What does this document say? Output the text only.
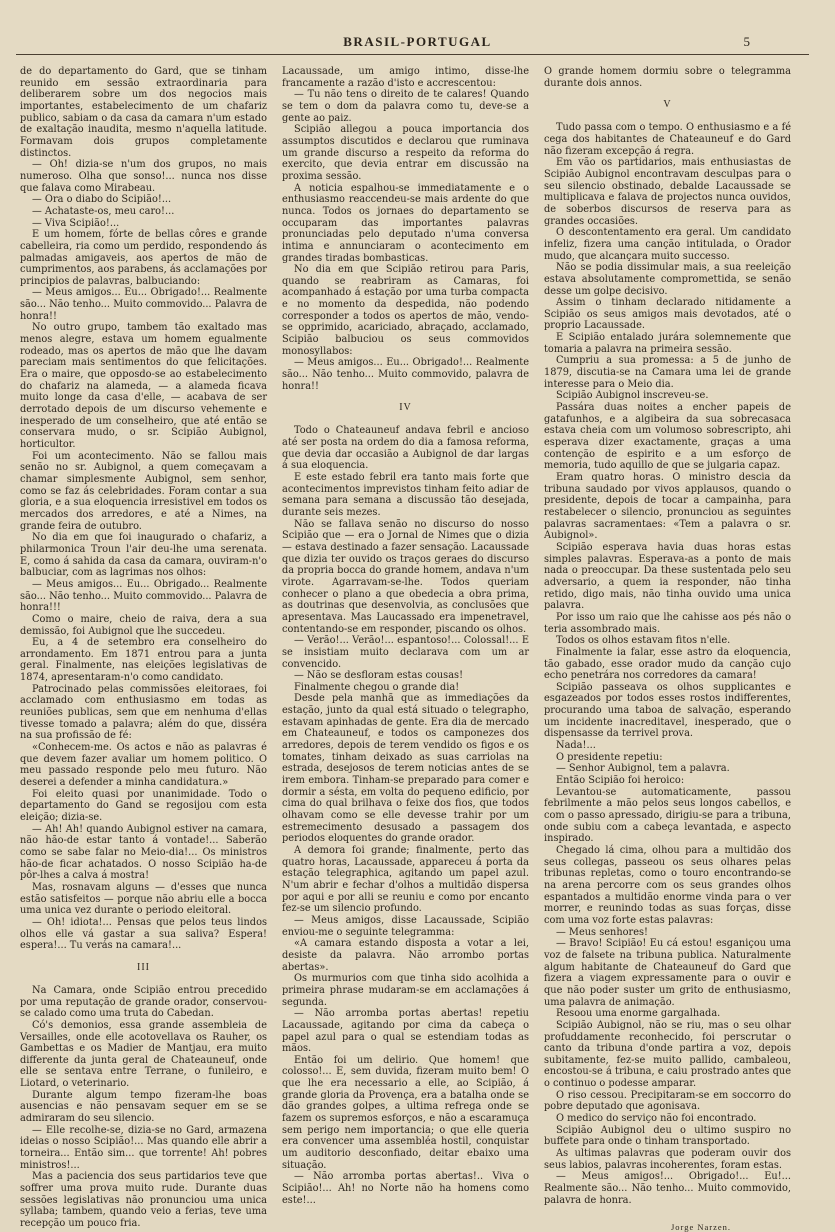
BRASIL-PORTUGAL	5

de do departamento do Gard, que se tinham reunido em sessão extraordinaria para deliberarem sobre um dos negocios mais importantes, estabelecimento de um chafariz publico, sabiam o da casa da camara n'um estado de exaltação inaudita, mesmo n'aquella latitude. Formavam dois grupos completamente distinctos.

— Oh! dizia-se n'um dos grupos, no mais numeroso. Olha que sonso!... nunca nos disse que falava como Mirabeau.

— Ora o diabo do Scipião!...

— Achataste-os, meu caro!...

— Viva Scipião!...

E um homem, fórte de bellas côres e grande cabelleira, ria como um perdido, respondendo ás palmadas amigaveis, aos apertos de mão de cumprimentos, aos parabens, ás acclamações por principios de palavras, balbuciando:

— Meus amigos... Eu... Obrigado!... Realmente são... Não tenho... Muito commovido... Palavra de honra!!

No outro grupo, tambem tão exaltado mas menos alegre, estava um homem egualmente rodeado, mas os apertos de mão que lhe davam pareciam mais sentimentos do que felicitações. Era o maire, que opposdo-se ao estabelecimento do chafariz na alameda, — a alameda ficava muito longe da casa d'elle, — acabava de ser derrotado depois de um discurso vehemente e inesperado de um conselheiro, que até então se conservara mudo, o sr. Scipião Aubignol, horticultor.

Foi um acontecimento. Não se fallou mais senão no sr. Aubignol, a quem começavam a chamar simplesmente Aubignol, sem senhor, como se faz ás celebridades. Foram contar a sua gloria, e a sua eloquencia irresistivel em todos os mercados dos arredores, e até a Nimes, na grande feira de outubro.

No dia em que foi inaugurado o chafariz, a philarmonica Troun l'air deu-lhe uma serenata. E, como á sahida da casa da camara, ouviram-n'o balbuciar, com as lagrimas nos olhos:

— Meus amigos... Eu... Obrigado... Realmente são... Não tenho... Muito commovido... Palavra de honra!!!

Como o maire, cheio de raiva, dera a sua demissão, foi Aubignol que lhe succedeu.

Eu, a 4 de setembro era conselheiro do arrondamento. Em 1871 entrou para a junta geral. Finalmente, nas eleições legislativas de 1874, apresentaram-n'o como candidato.

Patrocinado pelas commissões eleitoraes, foi acclamado com enthusiasmo em todas as reuniões publicas, sem que em nenhuma d'ellas tivesse tomado a palavra; além do que, disséra na sua profissão de fé:

«Conhecem-me. Os actos e não as palavras é que devem fazer avaliar um homem politico. O meu passado responde pelo meu futuro. Não deserei a defender a minha candidatura.»

Foi eleito quasi por unanimidade. Todo o departamento do Gand se regosijou com esta eleição; dizia-se.

— Ah! Ah! quando Aubignol estiver na camara, não hão-de estar tanto á vontade!... Saberão como se sabe falar no Meio-dia!... Os ministros hão-de ficar achatados. O nosso Scipião ha-de pôr-lhes a calva á mostra!

Mas, rosnavam alguns — d'esses que nunca estão satisfeitos — porque não abriu elle a bocca uma unica vez durante o periodo eleitoral.

— Oh! idiota!... Pensas que pelos teus lindos olhos elle vá gastar a sua saliva? Espera! espera!... Tu verás na camara!...

III

Na Camara, onde Scipião entrou precedido por uma reputação de grande orador, conservou-se calado como uma truta do Cabedan.

Có's demonios, essa grande assembleia de Versailles, onde elle acotovellava os Rauher, os Gambettas e os Madier de Mantjau, era muito differente da junta geral de Chateauneuf, onde elle se sentava entre Terrane, o funileiro, e Liotard, o veterinario.

Durante algum tempo fizeram-lhe boas ausencias e não pensavam sequer em se se admiraram do seu silencio.

— Elle recolhe-se, dizia-se no Gard, armazena ideias o nosso Scipião!... Mas quando elle abrir a torneira... Então sim... que torrente! Ah! pobres ministros!...

Mas a paciencia dos seus partidarios teve que soffrer uma prova muito rude. Durante duas sessões legislativas não pronunciou uma unica syllaba; tambem, quando veio a ferias, teve uma recepção um pouco fria.

Lacaussade, um amigo intimo, disse-lhe francamente a razão d'isto e accrescentou:

— Tu não tens o direito de te calares! Quando se tem o dom da palavra como tu, deve-se a gente ao paiz.

Scipião allegou a pouca importancia dos assumptos discutidos e declarou que ruminava um grande discurso a respeito da reforma do exercito, que devia entrar em discussão na proxima sessão.

A noticia espalhou-se immediatamente e o enthusiasmo reaccendeu-se mais ardente do que nunca. Todos os jornaes do departamento se occuparam das importantes palavras pronunciadas pelo deputado n'uma conversa intima e annunciaram o acontecimento em grandes tiradas bombasticas.

No dia em que Scipião retirou para Paris, quando se reabriram as Camaras, foi acompanhado á estação por uma turba compacta e no momento da despedida, não podendo corresponder a todos os apertos de mão, vendo-se opprimido, acariciado, abraçado, acclamado, Scipião balbuciou os seus commovidos monosyllabos:

— Meus amigos... Eu... Obrigado!... Realmente são... Não tenho... Muito commovido, palavra de honra!!

IV

Todo o Chateauneuf andava febril e ancioso até ser posta na ordem do dia a famosa reforma, que devia dar occasião a Aubignol de dar largas á sua eloquencia.

E este estado febril era tanto mais forte que acontecimentos imprevistos tinham feito adiar de semana para semana a discussão tão desejada, durante seis mezes.

Não se fallava senão no discurso do nosso Scipião que — era o Jornal de Nimes que o dizia — estava destinado a fazer sensação. Lacaussade que dizia ter ouvido os traços geraes do discurso da propria bocca do grande homem, andava n'um virote. Agarravam-se-lhe. Todos queriam conhecer o plano a que obedecia a obra prima, as doutrinas que desenvolvia, as conclusões que apresentava. Mas Laucassado era impenetravel, contentando-se em responder, piscando os olhos.

— Verão!... Verão!... espantoso!... Colossal!... E se insistiam muito declarava com um ar convencido.

— Não se desfloram estas cousas!

Finalmente chegou o grande dia!

Desde pela manhã que as immediações da estação, junto da qual está situado o telegrapho, estavam apinhadas de gente. Era dia de mercado em Chateauneuf, e todos os camponezes dos arredores, depois de terem vendido os figos e os tomates, tinham deixado as suas carriolas na estrada, desejosos de terem noticias antes de se irem embora. Tinham-se preparado para comer e dormir a sésta, em volta do pequeno edificio, por cima do qual brilhava o feixe dos fios, que todos olhavam como se elle devesse trahir por um estremecimento desusado a passagem dos periodos eloquentes do grande orador.

A demora foi grande; finalmente, perto das quatro horas, Lacaussade, appareceu á porta da estação telegraphica, agitando um papel azul. N'um abrir e fechar d'olhos a multidão dispersa por aqui e por alli se reuniu e como por encanto fez-se um silencio profundo.

— Meus amigos, disse Lacaussade, Scipião enviou-me o seguinte telegramma:

«A camara estando disposta a votar a lei, desiste da palavra. Não arrombo portas abertas».

Os murmurios com que tinha sido acolhida a primeira phrase mudaram-se em acclamações á segunda.

— Não arromba portas abertas! repetiu Lacaussade, agitando por cima da cabeça o papel azul para o qual se estendiam todas as mãos.

Então foi um delirio. Que homem! que colosso!... E, sem duvida, fizeram muito bem! O que lhe era necessario a elle, ao Scipião, á grande gloria da Provença, era a batalha onde se dão grandes golpes, a ultima refrega onde se fazem os supremos esforços, e não a escaramuça sem perigo nem importancia; o que elle queria era convencer uma assembléa hostil, conquistar um auditorio desconfiado, deitar ebaixo uma situação.

— Não arromba portas abertas!.. Viva o Scipião!... Ah! no Norte não ha homens como este!...

O grande homem dormiu sobre o telegramma durante dois annos.

V

Tudo passa com o tempo. O enthusiasmo e a fé cega dos habitantes de Chateauneuf e do Gard não fizeram excepção á regra.

Em vão os partidarios, mais enthusiastas de Scipião Aubignol encontravam desculpas para o seu silencio obstinado, debalde Lacaussade se multiplicava e falava de projectos nunca ouvidos, de soberbos discursos de reserva para as grandes occasiões.

O descontentamento era geral. Um candidato infeliz, fizera uma canção intitulada, o Orador mudo, que alcançara muito successo.

Não se podia dissimular mais, a sua reeleição estava absolutamente compromettida, se senão desse um golpe decisivo.

Assim o tinham declarado nitidamente a Scipião os seus amigos mais devotados, até o proprio Lacaussade.

E Scipião entalado jurára solemnemente que tomaria a palavra na primeira sessão.

Cumpriu a sua promessa: a 5 de junho de 1879, discutia-se na Camara uma lei de grande interesse para o Meio dia.

Scipião Aubignol inscreveu-se.

Passára duas noites a encher papeis de gatafunhos, e a algibeira da sua sobrecasaca estava cheia com um volumoso sobrescripto, ahi esperava dizer exactamente, graças a uma contenção de espirito e a um esforço de memoria, tudo aquillo de que se julgaria capaz.

Eram quatro horas. O ministro descia da tribuna saudado por vivos applausos, quando o presidente, depois de tocar a campainha, para restabelecer o silencio, pronunciou as seguintes palavras sacramentaes: «Tem a palavra o sr. Aubignol».

Scipião esperava havia duas horas estas simples palavras. Esperava-as a ponto de mais nada o preoccupar. Da these sustentada pelo seu adversario, a quem ia responder, não tinha retido, digo mais, não tinha ouvido uma unica palavra.

Por isso um raio que lhe cahisse aos pés não o teria assombrado mais.

Todos os olhos estavam fitos n'elle.

Finalmente ia falar, esse astro da eloquencia, tão gabado, esse orador mudo da canção cujo echo penetrára nos corredores da camara!

Scipião passeava os olhos supplicantes e esgazeados por todos esses rostos indifferentes, procurando uma taboa de salvação, esperando um incidente inacreditavel, inesperado, que o dispensasse da terrivel prova.

Nada!...

O presidente repetiu:

— Senhor Aubignol, tem a palavra.

Então Scipião foi heroico:

Levantou-se automaticamente, passou febrilmente a mão pelos seus longos cabellos, e com o passo apressado, dirigiu-se para a tribuna, onde subiu com a cabeça levantada, e aspecto inspirado.

Chegado lá cima, olhou para a multidão dos seus collegas, passeou os seus olhares pelas tribunas repletas, como o touro encontrando-se na arena percorre com os seus grandes olhos espantados a multidão enorme vinda para o ver morrer, e reunindo todas as suas forças, disse com uma voz forte estas palavras:

— Meus senhores!

— Bravo! Scipião! Eu cá estou! esganiçou uma voz de falsete na tribuna publica. Naturalmente algum habitante de Chateauneuf do Gard que fizera a viagem expressamente para o ouvir e que não poder suster um grito de enthusiasmo, uma palavra de animação.

Resoou uma enorme gargalhada.

Scipião Aubignol, não se riu, mas o seu olhar profuddamente reconhecido, foi perscrutar o canto da tribuna d'onde partira a voz, depois subitamente, fez-se muito pallido, cambaleou, encostou-se á tribuna, e caiu prostrado antes que o continuo o podesse amparar.

O riso cessou. Precipitaram-se em soccorro do pobre deputado que agonisava.

O medico do serviço não foi encontrado.

Scipião Aubignol deu o ultimo suspiro no buffete para onde o tinham transportado.

As ultimas palavras que poderam ouvir dos seus labios, palavras incoherentes, foram estas.

— Meus amigos!... Obrigado!... Eu!... Realmente são... Não tenho... Muito commovido, palavra de honra.

Jorge Narzen.
